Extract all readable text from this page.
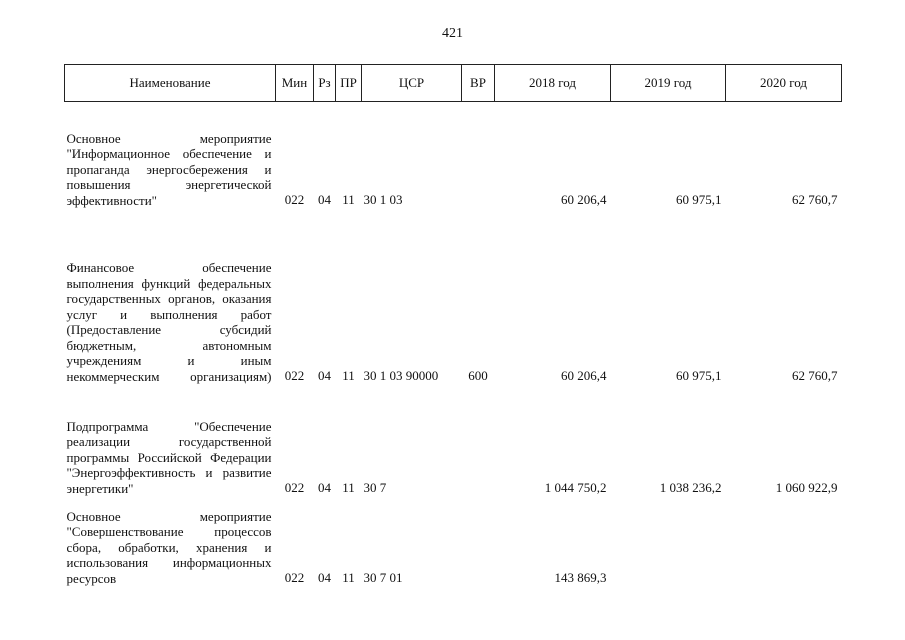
421
Наименование	Мин	Рз	ПР	ЦСР	ВР	2018 год	2019 год	2020 год

Основное мероприятие "Информационное обеспечение и пропаганда энергосбережения и повышения энергетической эффективности"	022	04	11	30 1 03		60 206,4	60 975,1	62 760,7

Финансовое обеспечение выполнения функций федеральных государственных органов, оказания услуг и выполнения работ (Предоставление субсидий бюджетным, автономным учреждениям и иным некоммерческим организациям)	022	04	11	30 1 03 90000	600	60 206,4	60 975,1	62 760,7

Подпрограмма "Обеспечение реализации государственной программы Российской Федерации "Энергоэффективность и развитие энергетики"	022	04	11	30 7		1 044 750,2	1 038 236,2	1 060 922,9

Основное мероприятие "Совершенствование процессов сбора, обработки, хранения и использования информационных ресурсов	022	04	11	30 7 01		143 869,3		
